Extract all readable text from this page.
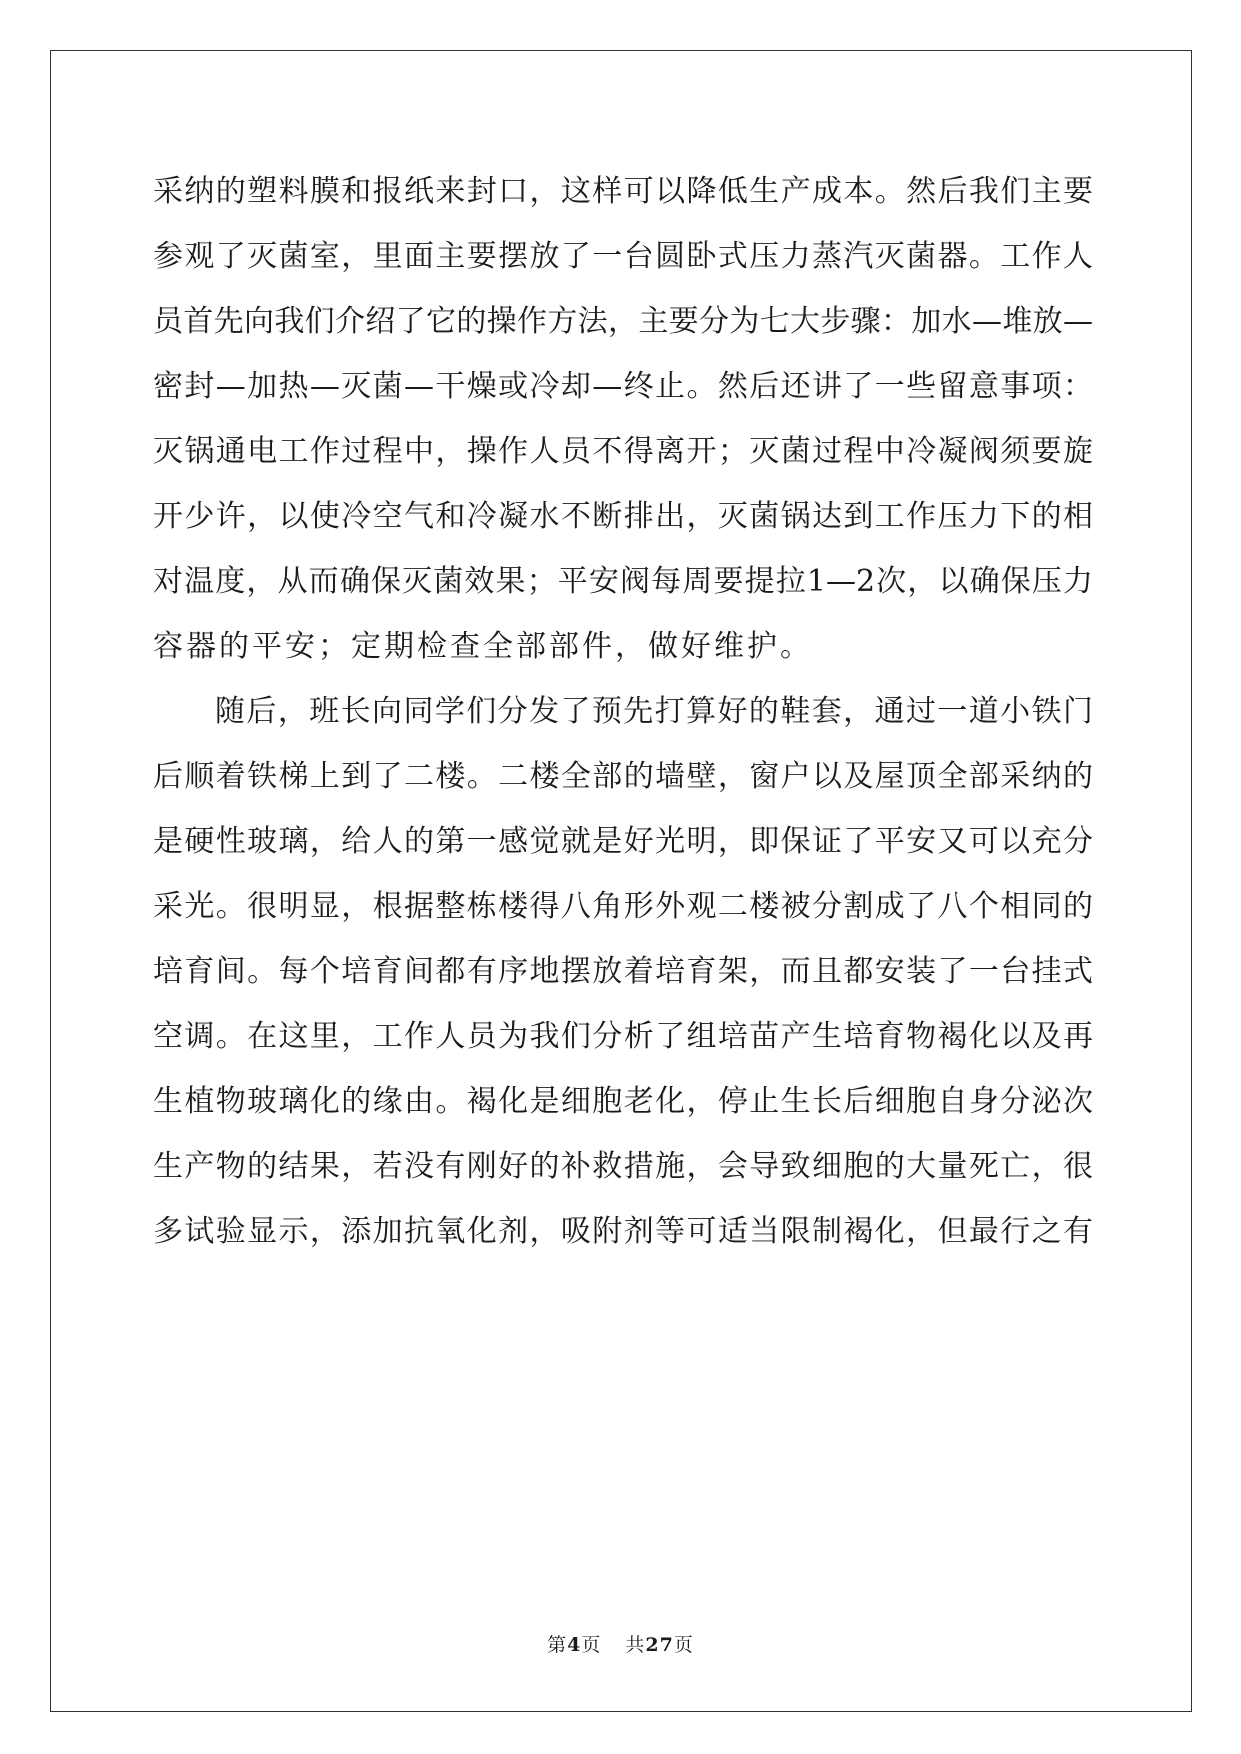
采纳的塑料膜和报纸来封口，这样可以降低生产成本。然后我们主要
参观了灭菌室，里面主要摆放了一台圆卧式压力蒸汽灭菌器。工作人
员首先向我们介绍了它的操作方法，主要分为七大步骤：加水—堆放—
密封—加热—灭菌—干燥或冷却—终止。然后还讲了一些留意事项：
灭锅通电工作过程中，操作人员不得离开；灭菌过程中冷凝阀须要旋
开少许，以使冷空气和冷凝水不断排出，灭菌锅达到工作压力下的相
对温度，从而确保灭菌效果；平安阀每周要提拉1—2次，以确保压力
容器的平安；定期检查全部部件，做好维护。
随后，班长向同学们分发了预先打算好的鞋套，通过一道小铁门
后顺着铁梯上到了二楼。二楼全部的墙壁，窗户以及屋顶全部采纳的
是硬性玻璃，给人的第一感觉就是好光明，即保证了平安又可以充分
采光。很明显，根据整栋楼得八角形外观二楼被分割成了八个相同的
培育间。每个培育间都有序地摆放着培育架，而且都安装了一台挂式
空调。在这里，工作人员为我们分析了组培苗产生培育物褐化以及再
生植物玻璃化的缘由。褐化是细胞老化，停止生长后细胞自身分泌次
生产物的结果，若没有刚好的补救措施，会导致细胞的大量死亡，很
多试验显示，添加抗氧化剂，吸附剂等可适当限制褐化，但最行之有
第4页 共27页
